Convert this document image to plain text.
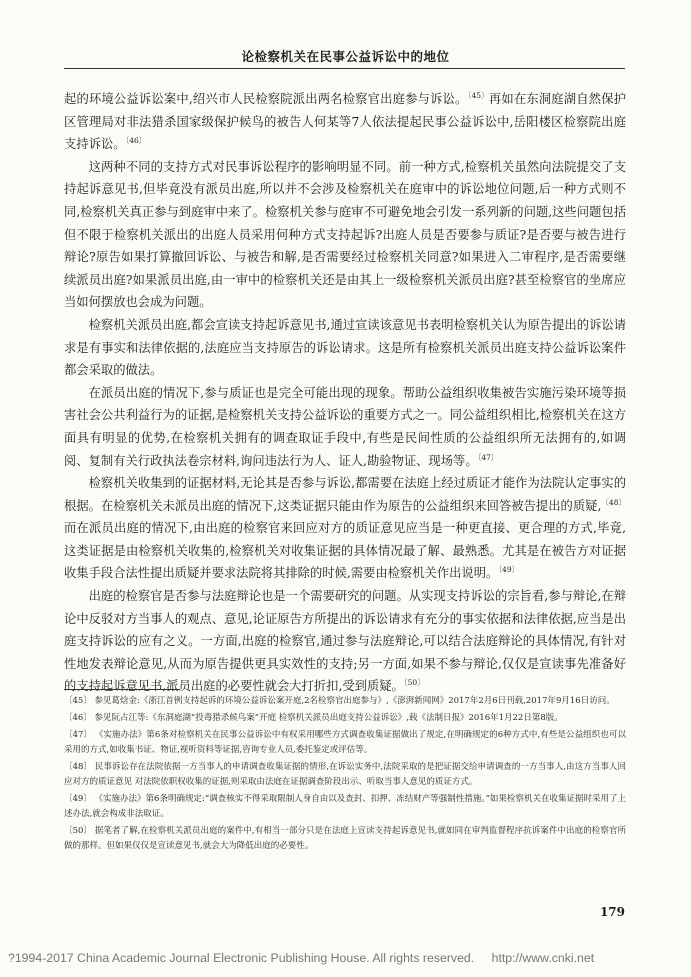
论检察机关在民事公益诉讼中的地位

起的环境公益诉讼案中,绍兴市人民检察院派出两名检察官出庭参与诉讼。$^{〔45〕}$再如在东洞庭湖自然保护区管理局对非法猎杀国家级保护候鸟的被告人何某等7人依法提起民事公益诉讼中,岳阳楼区检察院出庭支持诉讼。$^{〔46〕}$

这两种不同的支持方式对民事诉讼程序的影响明显不同。前一种方式,检察机关虽然向法院提交了支持起诉意见书,但毕竟没有派员出庭,所以并不会涉及检察机关在庭审中的诉讼地位问题,后一种方式则不同,检察机关真正参与到庭审中来了。检察机关参与庭审不可避免地会引发一系列新的问题,这些问题包括但不限于检察机关派出的出庭人员采用何种方式支持起诉?出庭人员是否要参与质证?是否要与被告进行辩论?原告如果打算撤回诉讼、与被告和解,是否需要经过检察机关同意?如果进入二审程序,是否需要继续派员出庭?如果派员出庭,由一审中的检察机关还是由其上一级检察机关派员出庭?甚至检察官的坐席应当如何摆放也会成为问题。

检察机关派员出庭,都会宣读支持起诉意见书,通过宣读该意见书表明检察机关认为原告提出的诉讼请求是有事实和法律依据的,法庭应当支持原告的诉讼请求。这是所有检察机关派员出庭支持公益诉讼案件都会采取的做法。

在派员出庭的情况下,参与质证也是完全可能出现的现象。帮助公益组织收集被告实施污染环境等损害社会公共利益行为的证据,是检察机关支持公益诉讼的重要方式之一。同公益组织相比,检察机关在这方面具有明显的优势,在检察机关拥有的调查取证手段中,有些是民间性质的公益组织所无法拥有的,如调阅、复制有关行政执法卷宗材料,询问违法行为人、证人,勘验物证、现场等。$^{〔47〕}$

检察机关收集到的证据材料,无论其是否参与诉讼,都需要在法庭上经过质证才能作为法院认定事实的根据。在检察机关未派员出庭的情况下,这类证据只能由作为原告的公益组织来回答被告提出的质疑,$^{〔48〕}$而在派员出庭的情况下,由出庭的检察官来回应对方的质证意见应当是一种更直接、更合理的方式,毕竟,这类证据是由检察机关收集的,检察机关对收集证据的具体情况最了解、最熟悉。尤其是在被告方对证据收集手段合法性提出质疑并要求法院将其排除的时候,需要由检察机关作出说明。$^{〔49〕}$

出庭的检察官是否参与法庭辩论也是一个需要研究的问题。从实现支持诉讼的宗旨看,参与辩论,在辩论中反驳对方当事人的观点、意见,论证原告方所提出的诉讼请求有充分的事实依据和法律依据,应当是出庭支持诉讼的应有之义。一方面,出庭的检察官,通过参与法庭辩论,可以结合法庭辩论的具体情况,有针对性地发表辩论意见,从而为原告提供更具实效性的支持;另一方面,如果不参与辩论,仅仅是宣读事先准备好的支持起诉意见书,派员出庭的必要性就会大打折扣,受到质疑。$^{〔50〕}$

〔45〕 参见葛焓金:《浙江首例支持起诉的环境公益诉讼案开庭,2名检察官出庭参与》,《澎湃新闻网》2017年2月6日刊载,2017年9月16日访问。

〔46〕 参见阮占江等:《东洞庭湖“投毒猎杀候鸟案”开庭 检察机关派员出庭支持公益诉讼》,载《法制日报》2016年1月22日第8版。

〔47〕 《实施办法》第6条对检察机关在民事公益诉讼中有权采用哪些方式调查收集证据做出了规定,在明确规定的6种方式中,有些是公益组织也可以采用的方式,如收集书证、物证,视听资料等证据,咨询专业人员,委托鉴定或评估等。

〔48〕 民事诉讼存在法院依据一方当事人的申请调查收集证据的情形,在诉讼实务中,法院采取的是把证据交给申请调查的一方当事人,由这方当事人回应对方的质证意见 对法院依职权收集的证据,则采取由法庭在证据调查阶段出示、听取当事人意见的质证方式。

〔49〕 《实施办法》第6条明确规定:“调查核实不得采取限制人身自由以及查封、扣押、冻结财产等强制性措施。”如果检察机关在收集证据时采用了上述办法,就会构成非法取证。

〔50〕 据笔者了解,在检察机关派员出庭的案件中,有相当一部分只是在法庭上宣读支持起诉意见书,就如同在审判监督程序抗诉案件中出庭的检察官所做的那样。但如果仅仅是宣读意见书,就会大为降低出庭的必要性。

179
?1994-2017 China Academic Journal Electronic Publishing House. All rights reserved. http://www.cnki.net
